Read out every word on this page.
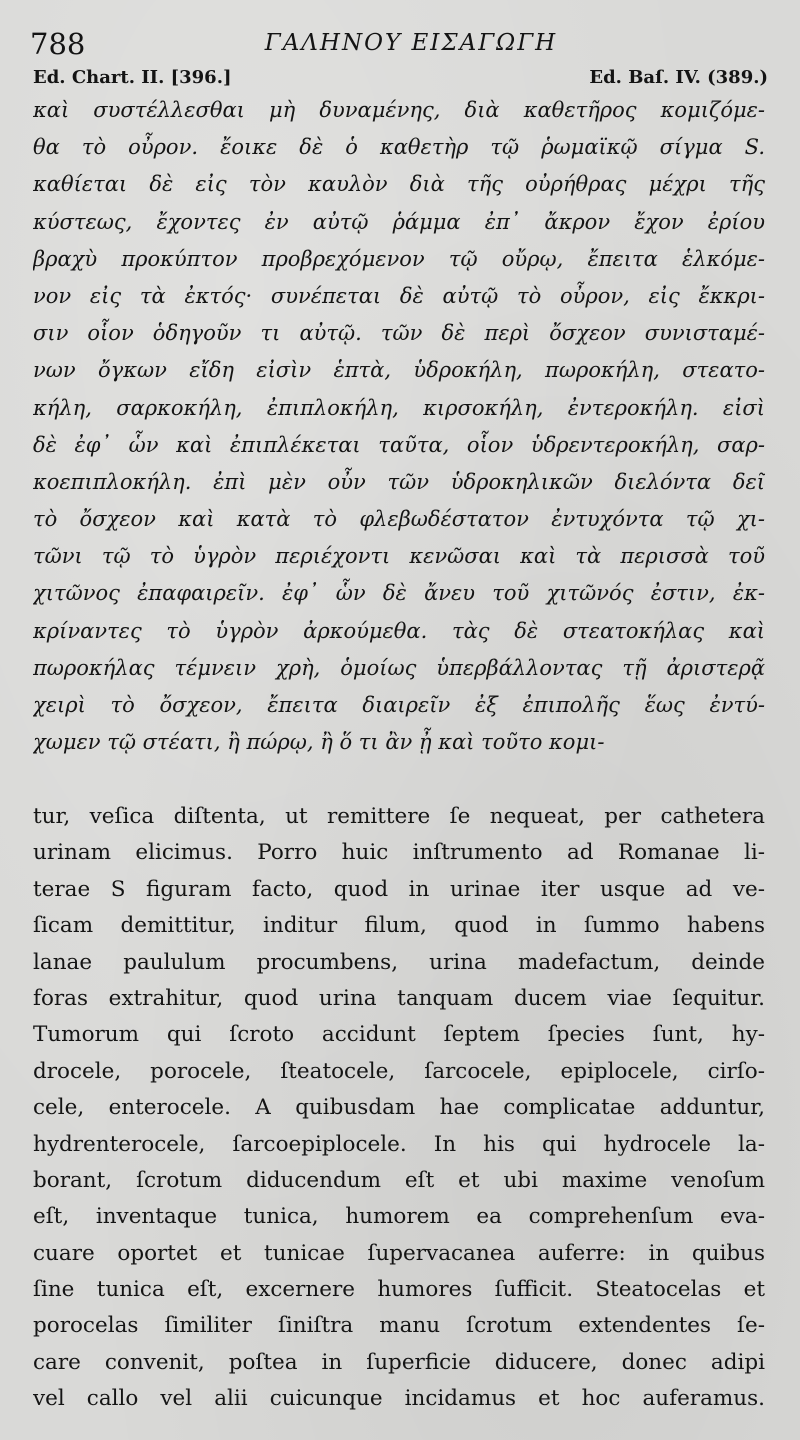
788	ΓΑΛΗΝΟΥ ΕΙΣΑΓΩΓΗ
Ed. Chart. II. [396.]	Ed. Baſ. IV. (389.)
καὶ συστέλλεσθαι μὴ δυναμένης, διὰ καθετῆρος κομιζόμε-
θα τὸ οὖρον. ἔοικε δὲ ὁ καθετὴρ τῷ ῥωμαϊκῷ σίγμα S.
καθίεται δὲ εἰς τὸν καυλὸν διὰ τῆς οὐρήθρας μέχρι τῆς
κύστεως, ἔχοντες ἐν αὐτῷ ῥάμμα ἐπ᾽ ἄκρον ἔχον ἐρίου
βραχὺ προκύπτον προβρεχόμενον τῷ οὔρῳ, ἔπειτα ἑλκόμε-
νον εἰς τὰ ἐκτός· συνέπεται δὲ αὐτῷ τὸ οὖρον, εἰς ἔκκρι-
σιν οἷον ὁδηγοῦν τι αὐτῷ. τῶν δὲ περὶ ὄσχεον συνισταμέ-
νων ὄγκων εἴδη εἰσὶν ἑπτὰ, ὑδροκήλη, πωροκήλη, στεατο-
κήλη, σαρκοκήλη, ἐπιπλοκήλη, κιρσοκήλη, ἐντεροκήλη. εἰσὶ
δὲ ἐφ᾽ ὧν καὶ ἐπιπλέκεται ταῦτα, οἷον ὑδρεντεροκήλη, σαρ-
κοεπιπλοκήλη. ἐπὶ μὲν οὖν τῶν ὑδροκηλικῶν διελόντα δεῖ
τὸ ὄσχεον καὶ κατὰ τὸ φλεβωδέστατον ἐντυχόντα τῷ χι-
τῶνι τῷ τὸ ὑγρὸν περιέχοντι κενῶσαι καὶ τὰ περισσὰ τοῦ
χιτῶνος ἐπαφαιρεῖν. ἐφ᾽ ὧν δὲ ἄνευ τοῦ χιτῶνός ἐστιν, ἐκ-
κρίναντες τὸ ὑγρὸν ἀρκούμεθα. τὰς δὲ στεατοκήλας καὶ
πωροκήλας τέμνειν χρὴ, ὁμοίως ὑπερβάλλοντας τῇ ἀριστερᾷ
χειρὶ τὸ ὄσχεον, ἔπειτα διαιρεῖν ἐξ ἐπιπολῆς ἕως ἐντύ-
χωμεν τῷ στέατι, ἢ πώρῳ, ἢ ὅ τι ἂν ᾖ καὶ τοῦτο κομι-
tur, veſica diſtenta, ut remittere ſe nequeat, per cathetera
urinam elicimus. Porro huic inſtrumento ad Romanae li-
terae S figuram facto, quod in urinae iter usque ad ve-
ſicam demittitur, inditur filum, quod in ſummo habens
lanae paululum procumbens, urina madefactum, deinde
foras extrahitur, quod urina tanquam ducem viae ſequitur.
Tumorum qui ſcroto accidunt ſeptem ſpecies ſunt, hy-
drocele, porocele, ſteatocele, ſarcocele, epiplocele, cirſo-
cele, enterocele. A quibusdam hae complicatae adduntur,
hydrenterocele, ſarcoepiplocele. In his qui hydrocele la-
borant, ſcrotum diducendum eſt et ubi maxime venoſum
eſt, inventaque tunica, humorem ea comprehenſum eva-
cuare oportet et tunicae ſupervacanea auferre: in quibus
ſine tunica eſt, excernere humores ſufficit. Steatocelas et
porocelas ſimiliter ſiniſtra manu ſcrotum extendentes ſe-
care convenit, poſtea in ſuperficie diducere, donec adipi
vel callo vel alii cuicunque incidamus et hoc auferamus.
